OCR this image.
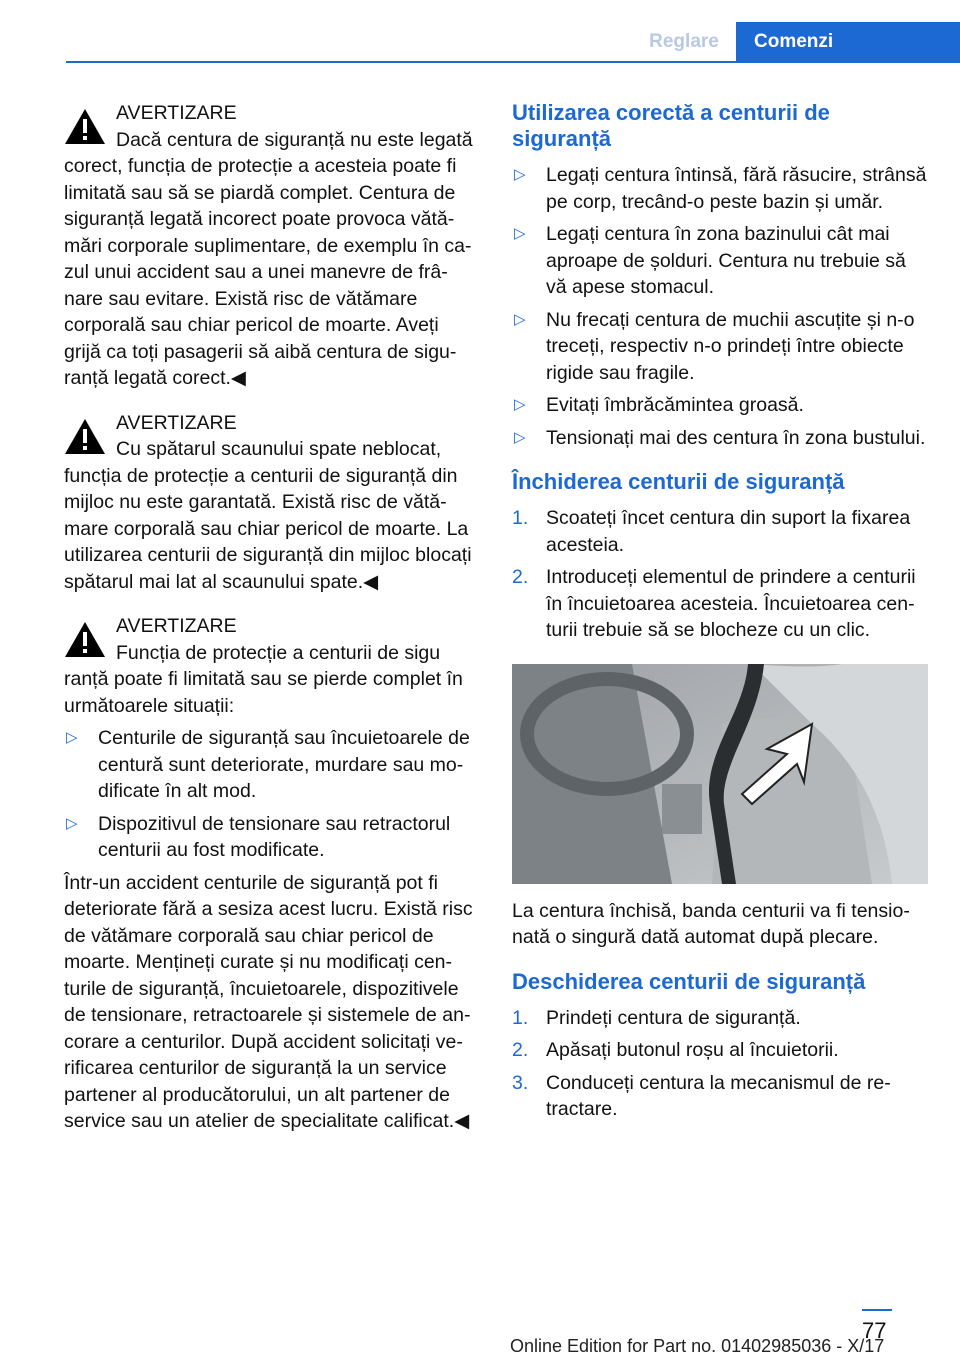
Reglare	Comenzi
AVERTIZARE
Dacă centura de siguranță nu este legată

corect, funcția de protecție a acesteia poate fi limitată sau să se piardă complet. Centura de siguranță legată incorect poate provoca vătămări corporale suplimentare, de exemplu în cazul unui accident sau a unei manevre de frânare sau evitare. Există risc de vătămare corporală sau chiar pericol de moarte. Aveți grijă ca toți pasagerii să aibă centura de siguranță legată corect.◀

AVERTIZARE
Cu spătarul scaunului spate neblocat,

funcția de protecție a centurii de siguranță din mijloc nu este garantată. Există risc de vătămare corporală sau chiar pericol de moarte. La utilizarea centurii de siguranță din mijloc blocați spătarul mai lat al scaunului spate.◀

AVERTIZARE
Funcția de protecție a centurii de sigu

ranță poate fi limitată sau se pierde complet în următoarele situații:

▷ Centurile de siguranță sau încuietoarele de centură sunt deteriorate, murdare sau modificate în alt mod.
▷ Dispozitivul de tensionare sau retractorul centurii au fost modificate.

Într-un accident centurile de siguranță pot fi deteriorate fără a sesiza acest lucru. Există risc de vătămare corporală sau chiar pericol de moarte. Mențineți curate și nu modificați centurile de siguranță, încuietoarele, dispozitivele de tensionare, retractoarele și sistemele de ancorare a centurilor. După accident solicitați verificarea centurilor de siguranță la un service partener al producătorului, un alt partener de service sau un atelier de specialitate calificat.◀

Utilizarea corectă a centurii de siguranță
▷ Legați centura întinsă, fără răsucire, strânsă pe corp, trecând-o peste bazin și umăr.
▷ Legați centura în zona bazinului cât mai aproape de șolduri. Centura nu trebuie să vă apese stomacul.
▷ Nu frecați centura de muchii ascuțite și n-o treceți, respectiv n-o prindeți între obiecte rigide sau fragile.
▷ Evitați îmbrăcămintea groasă.
▷ Tensionați mai des centura în zona bustului.
Închiderea centurii de siguranță
1. Scoateți încet centura din suport la fixarea acesteia.
2. Introduceți elementul de prindere a centurii în încuietoarea acesteia. Încuietoarea centurii trebuie să se blocheze cu un clic.

La centura închisă, banda centurii va fi tensionată o singură dată automat după plecare.

Deschiderea centurii de siguranță
1. Prindeți centura de siguranță.
2. Apăsați butonul roșu al încuietorii.
3. Conduceți centura la mecanismul de retractare.
77
Online Edition for Part no. 01402985036 - X/17
